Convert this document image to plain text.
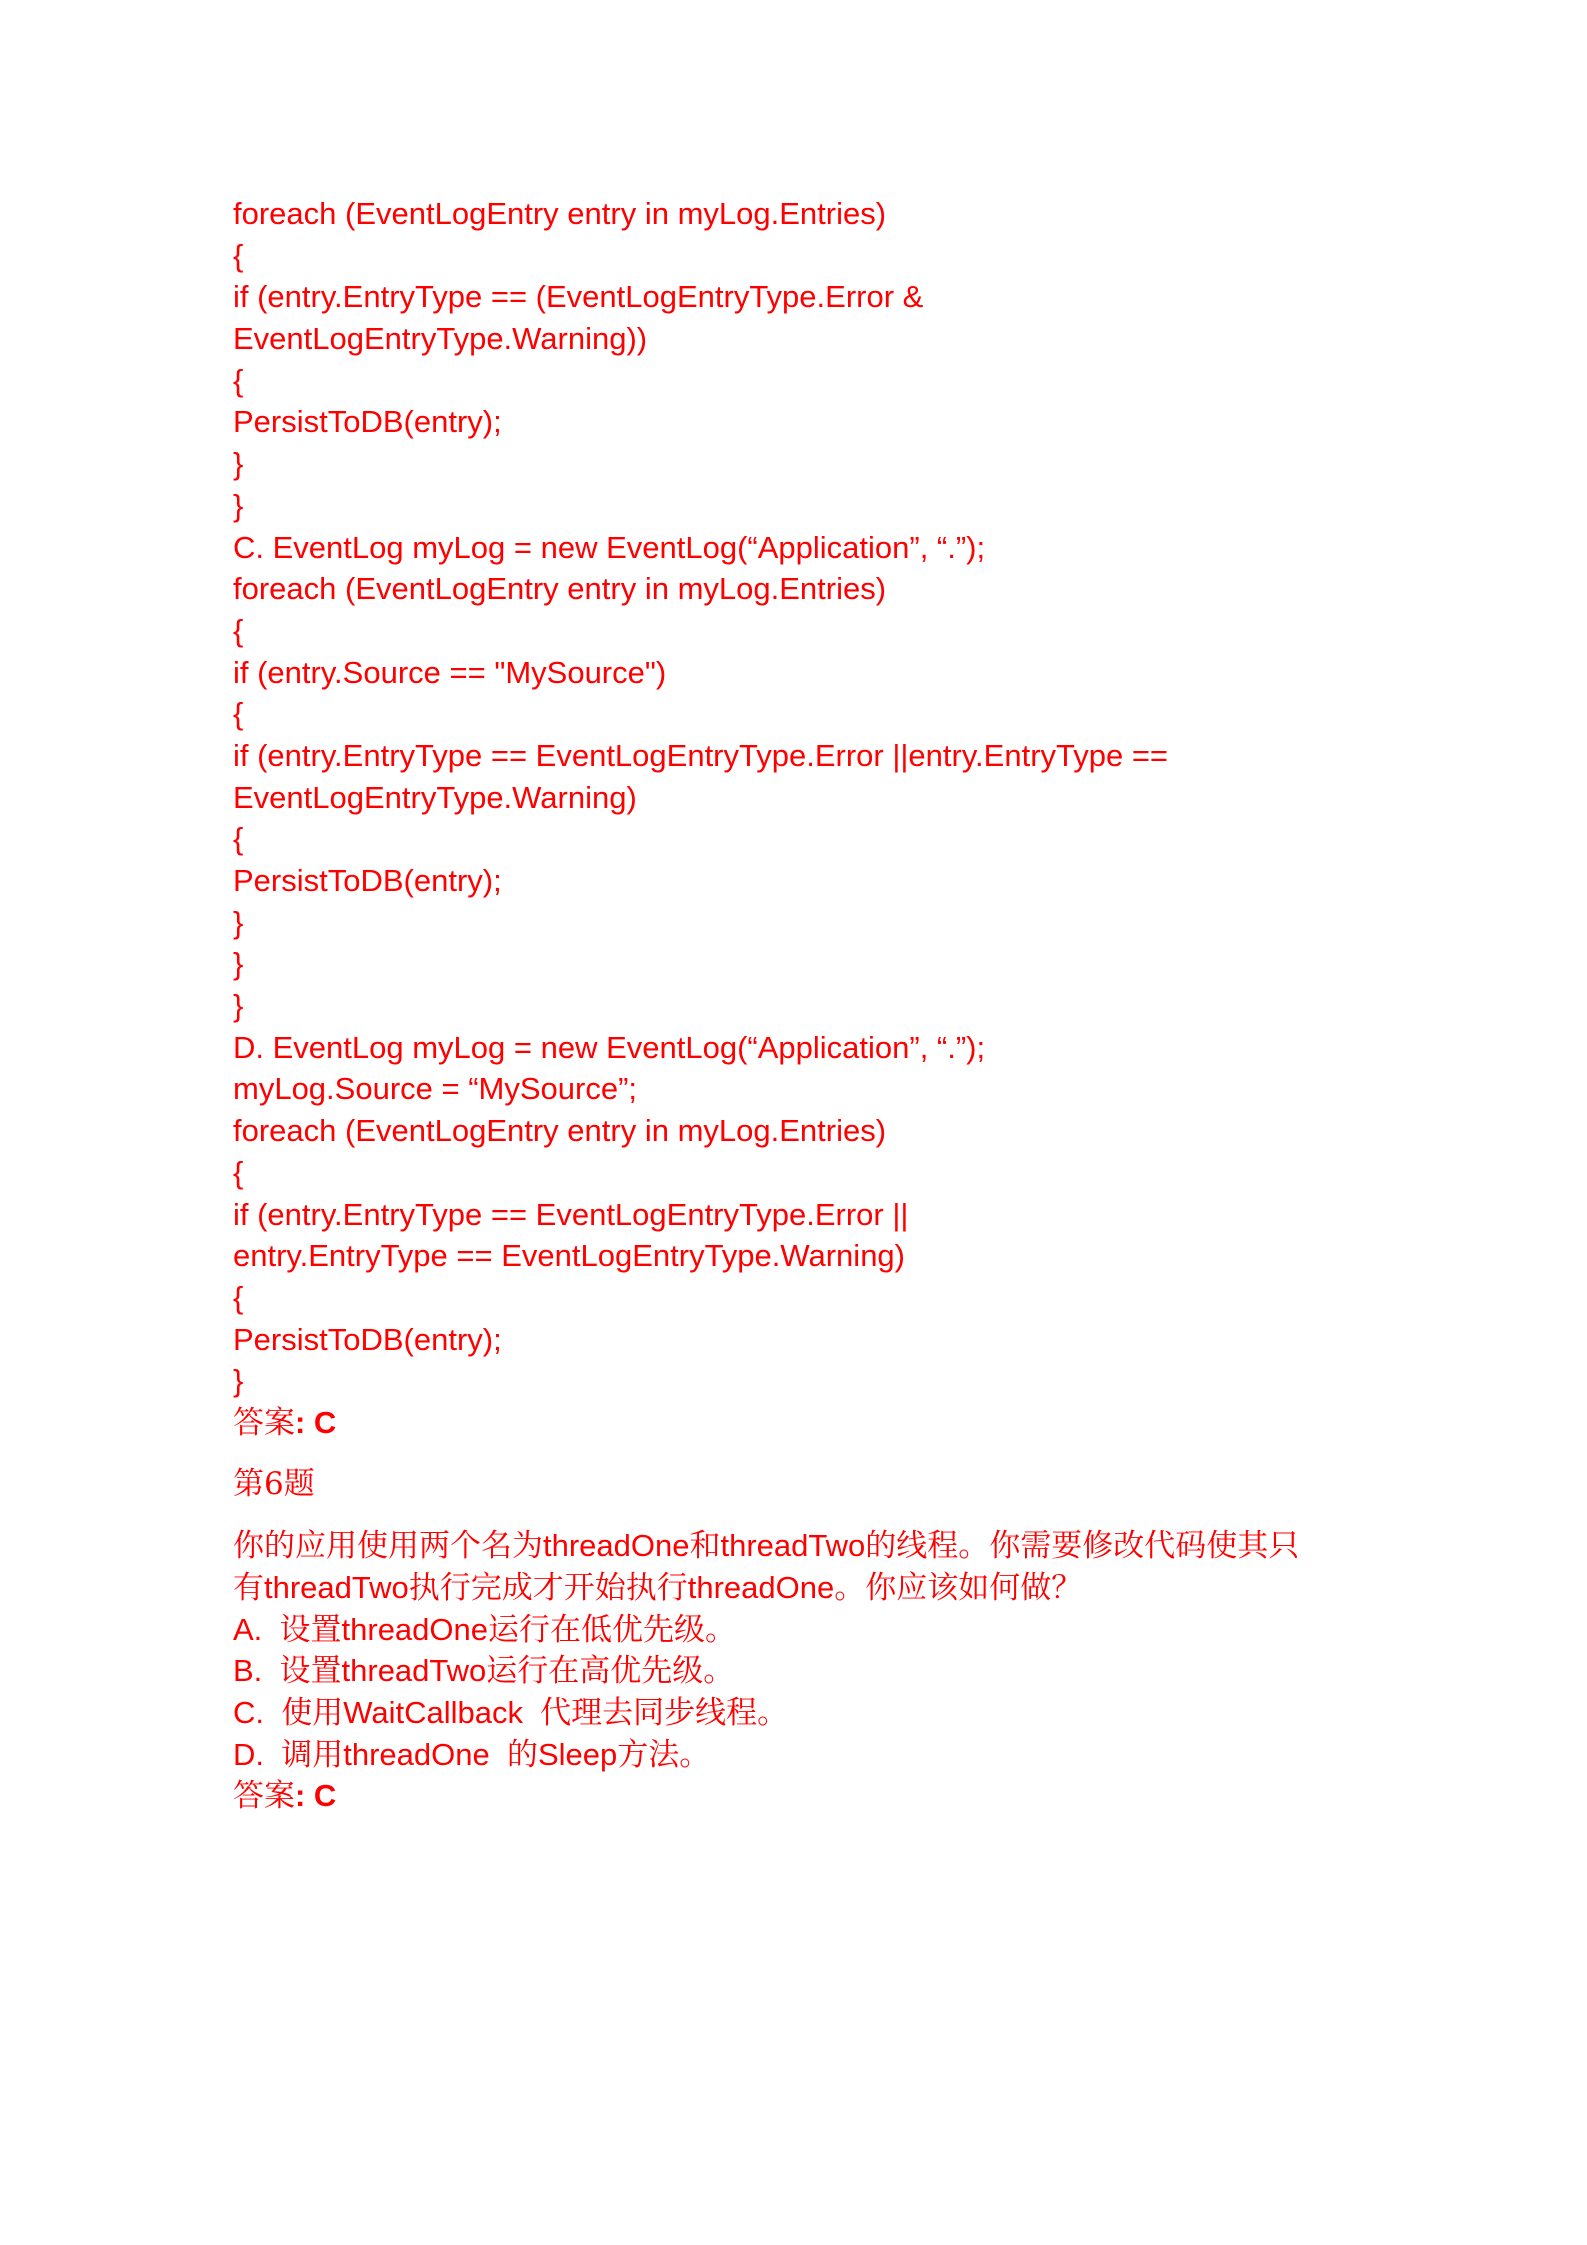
foreach (EventLogEntry entry in myLog.Entries)
{
if (entry.EntryType == (EventLogEntryType.Error &
EventLogEntryType.Warning))
{
PersistToDB(entry);
}
}
C. EventLog myLog = new EventLog(“Application”, “.”);
foreach (EventLogEntry entry in myLog.Entries)
{
if (entry.Source == "MySource")
{
if (entry.EntryType == EventLogEntryType.Error ||entry.EntryType ==
EventLogEntryType.Warning)
{
PersistToDB(entry);
}
}
}
D. EventLog myLog = new EventLog(“Application”, “.”);
myLog.Source = “MySource”;
foreach (EventLogEntry entry in myLog.Entries)
{
if (entry.EntryType == EventLogEntryType.Error ||
entry.EntryType == EventLogEntryType.Warning)
{
PersistToDB(entry);
}
答案: C
第6题
你的应用使用两个名为threadOne和threadTwo的线程。你需要修改代码使其只
有threadTwo执行完成才开始执行threadOne。你应该如何做？
A.  设置threadOne运行在低优先级。
B.  设置threadTwo运行在高优先级。
C.  使用WaitCallback  代理去同步线程。
D.  调用threadOne  的Sleep方法。
答案: C
